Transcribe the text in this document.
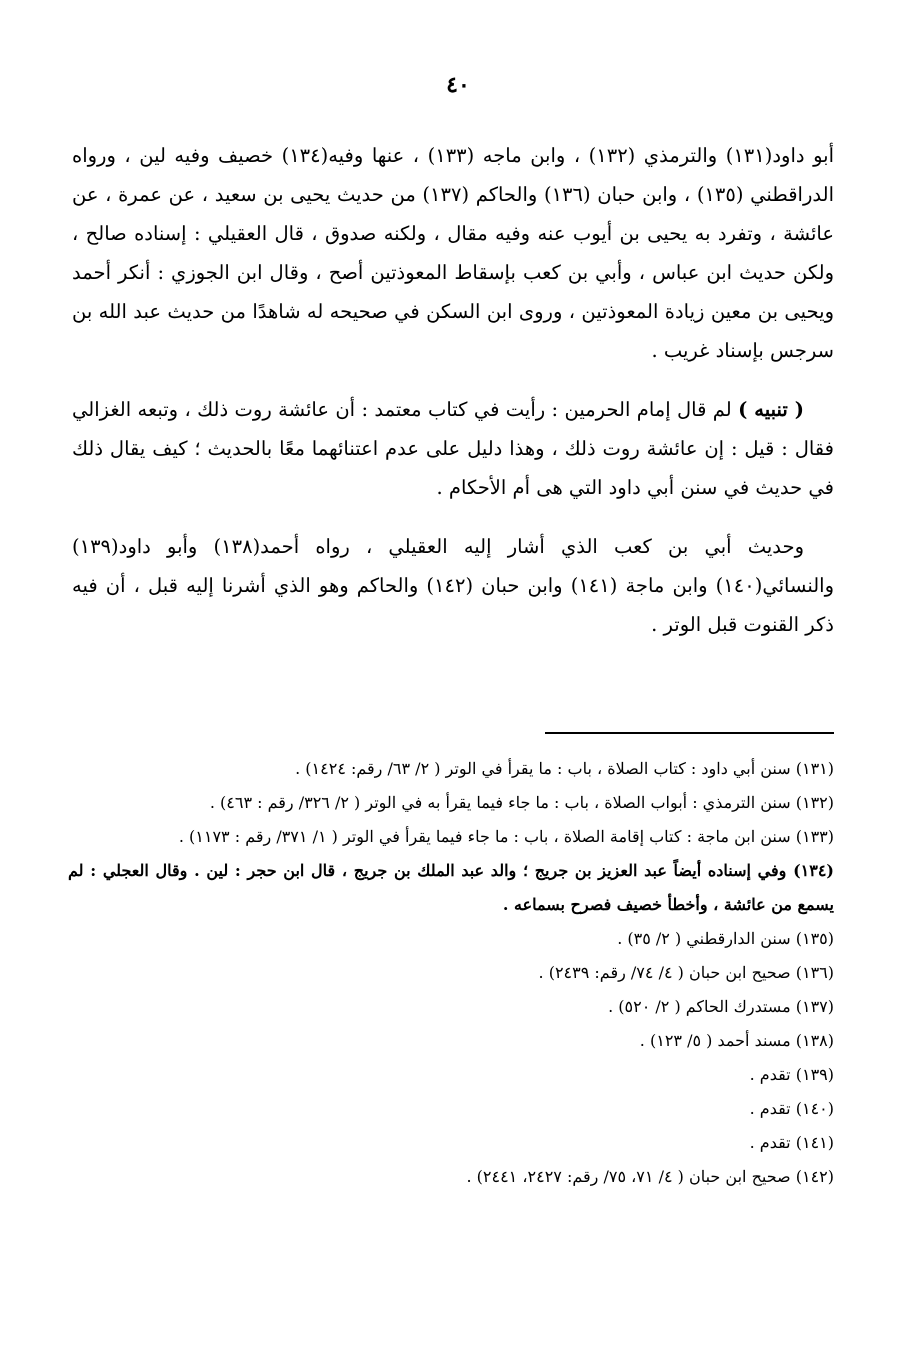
٤٠

أبو داود(١٣١) والترمذي (١٣٢) ، وابن ماجه (١٣٣) ، عنها وفيه(١٣٤) خصيف وفيه لين ، ورواه الدراقطني (١٣٥) ، وابن حبان (١٣٦) والحاكم (١٣٧) من حديث يحيى بن سعيد ، عن عمرة ، عن عائشة ، وتفرد به يحيى بن أيوب عنه وفيه مقال ، ولكنه صدوق ، قال العقيلي : إسناده صالح ، ولكن حديث ابن عباس ، وأبي بن كعب بإسقاط المعوذتين أصح ، وقال ابن الجوزي : أنكر أحمد ويحيى بن معين زيادة المعوذتين ، وروى ابن السكن في صحيحه له شاهدًا من حديث عبد الله بن سرجس بإسناد غريب .

( تنبيه ) لم قال إمام الحرمين : رأيت في كتاب معتمد : أن عائشة روت ذلك ، وتبعه الغزالي فقال : قيل : إن عائشة روت ذلك ، وهذا دليل على عدم اعتنائهما معًا بالحديث ؛ كيف يقال ذلك في حديث في سنن أبي داود التي هى أم الأحكام .

وحديث أبي بن كعب الذي أشار إليه العقيلي ، رواه أحمد(١٣٨) وأبو داود(١٣٩) والنسائي(١٤٠) وابن ماجة (١٤١) وابن حبان (١٤٢) والحاكم وهو الذي أشرنا إليه قبل ، أن فيه ذكر القنوت قبل الوتر .

(١٣١) سنن أبي داود : كتاب الصلاة ، باب : ما يقرأ في الوتر ( ٢/ ٦٣/ رقم: ١٤٢٤) .

(١٣٢) سنن الترمذي : أبواب الصلاة ، باب : ما جاء فيما يقرأ به في الوتر ( ٢/ ٣٢٦/ رقم : ٤٦٣) .

(١٣٣) سنن ابن ماجة : كتاب إقامة الصلاة ، باب : ما جاء فيما يقرأ في الوتر ( ١/ ٣٧١/ رقم : ١١٧٣) .

(١٣٤) وفي إسناده أيضاً عبد العزيز بن جريج ؛ والد عبد الملك بن جريج ، قال ابن حجر : لين . وقال العجلي : لم يسمع من عائشة ، وأخطأ خصيف فصرح بسماعه .

(١٣٥) سنن الدارقطني ( ٢/ ٣٥) .

(١٣٦) صحيح ابن حبان ( ٤/ ٧٤/ رقم: ٢٤٣٩) .

(١٣٧) مستدرك الحاكم ( ٢/ ٥٢٠) .

(١٣٨) مسند أحمد ( ٥/ ١٢٣) .

(١٣٩) تقدم .

(١٤٠) تقدم .

(١٤١) تقدم .

(١٤٢) صحيح ابن حبان ( ٤/ ٧١، ٧٥/ رقم: ٢٤٢٧، ٢٤٤١) .
